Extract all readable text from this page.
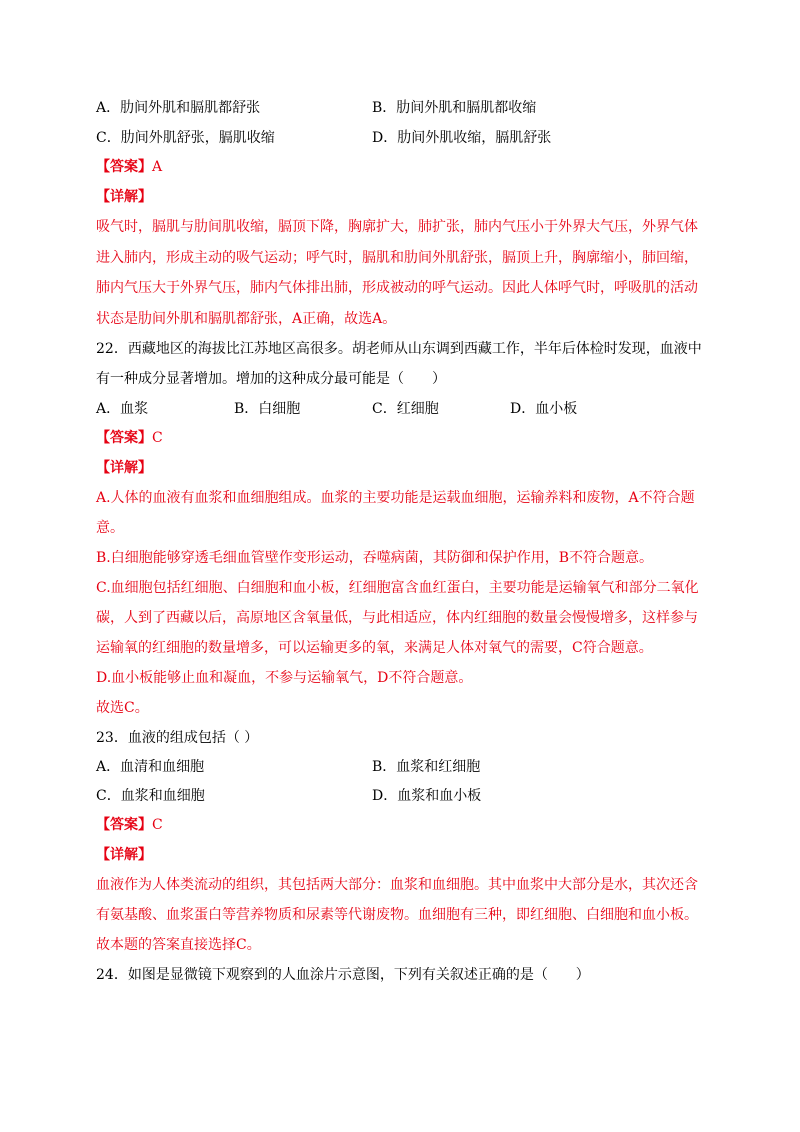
A．肋间外肌和膈肌都舒张	B．肋间外肌和膈肌都收缩
C．肋间外肌舒张，膈肌收缩	D．肋间外肌收缩，膈肌舒张
【答案】A
【详解】
吸气时，膈肌与肋间肌收缩，膈顶下降，胸廓扩大，肺扩张，肺内气压小于外界大气压，外界气体
进入肺内，形成主动的吸气运动；呼气时，膈肌和肋间外肌舒张，膈顶上升，胸廓缩小，肺回缩，
肺内气压大于外界气压，肺内气体排出肺，形成被动的呼气运动。因此人体呼气时，呼吸肌的活动
状态是肋间外肌和膈肌都舒张，A正确，故选A。
22．西藏地区的海拔比江苏地区高很多。胡老师从山东调到西藏工作，半年后体检时发现，血液中
有一种成分显著增加。增加的这种成分最可能是（　　）
A．血浆	B．白细胞	C．红细胞	D．血小板
【答案】C
【详解】
A.人体的血液有血浆和血细胞组成。血浆的主要功能是运载血细胞，运输养料和废物，A不符合题
意。
B.白细胞能够穿透毛细血管壁作变形运动，吞噬病菌，其防御和保护作用，B不符合题意。
C.血细胞包括红细胞、白细胞和血小板，红细胞富含血红蛋白，主要功能是运输氧气和部分二氧化
碳，人到了西藏以后，高原地区含氧量低，与此相适应，体内红细胞的数量会慢慢增多，这样参与
运输氧的红细胞的数量增多，可以运输更多的氧，来满足人体对氧气的需要，C符合题意。
D.血小板能够止血和凝血，不参与运输氧气，D不符合题意。
故选C。
23．血液的组成包括（ ）
A．血清和血细胞	B．血浆和红细胞
C．血浆和血细胞	D．血浆和血小板
【答案】C
【详解】
血液作为人体类流动的组织，其包括两大部分：血浆和血细胞。其中血浆中大部分是水，其次还含
有氨基酸、血浆蛋白等营养物质和尿素等代谢废物。血细胞有三种，即红细胞、白细胞和血小板。
故本题的答案直接选择C。
24．如图是显微镜下观察到的人血涂片示意图，下列有关叙述正确的是（　　）
